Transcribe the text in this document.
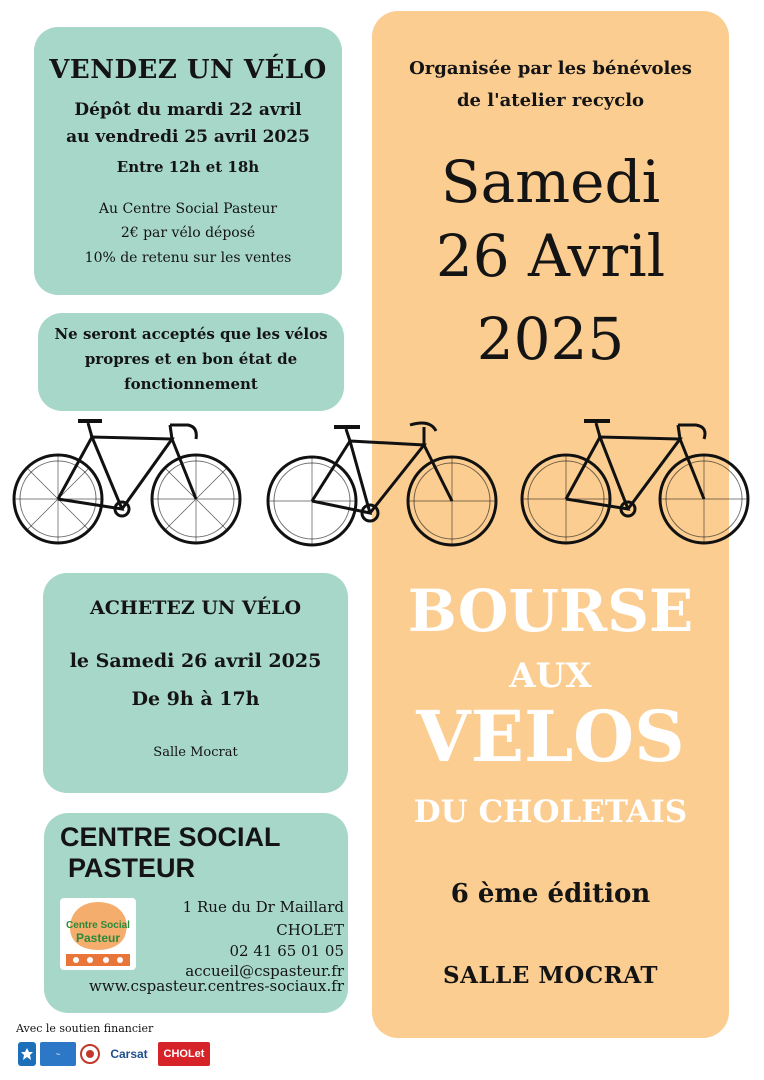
VENDEZ UN VÉLO
Dépôt du mardi 22 avril
au vendredi 25 avril 2025
Entre 12h et 18h
Au Centre Social Pasteur
2€ par vélo déposé
10% de retenu sur les ventes
Ne seront acceptés que les vélos
propres et en bon état de
fonctionnement
Organisée par les bénévoles
de l'atelier recyclo
Samedi
26 Avril
2025
BOURSE
AUX
VELOS
DU CHOLETAIS
6 ème édition
SALLE MOCRAT
ACHETEZ UN VÉLO
le Samedi 26 avril 2025
De 9h à 17h
Salle Mocrat
CENTRE SOCIAL
PASTEUR
Centre Social
Pasteur
1 Rue du Dr Maillard
CHOLET
02 41 65 01 05
accueil@cspasteur.fr
www.cspasteur.centres-sociaux.fr
Avec le soutien financier
~	Carsat	CHOLet
